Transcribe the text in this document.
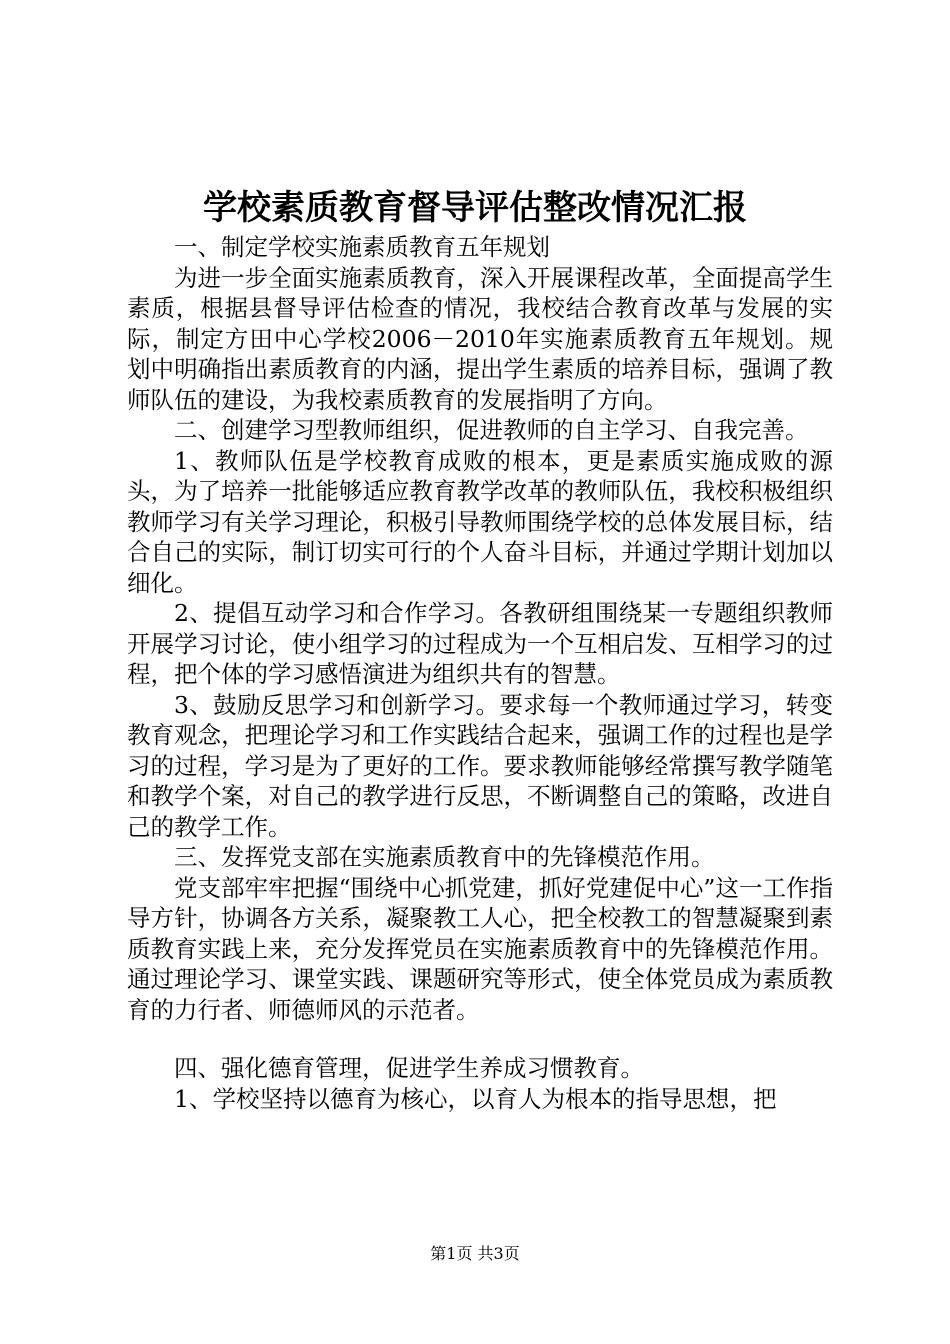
学校素质教育督导评估整改情况汇报

一、制定学校实施素质教育五年规划

为进一步全面实施素质教育，深入开展课程改革，全面提高学生素质，根据县督导评估检查的情况，我校结合教育改革与发展的实际，制定方田中心学校2006－2010年实施素质教育五年规划。规划中明确指出素质教育的内涵，提出学生素质的培养目标，强调了教师队伍的建设，为我校素质教育的发展指明了方向。

二、创建学习型教师组织，促进教师的自主学习、自我完善。

1、教师队伍是学校教育成败的根本，更是素质实施成败的源头，为了培养一批能够适应教育教学改革的教师队伍，我校积极组织教师学习有关学习理论，积极引导教师围绕学校的总体发展目标，结合自己的实际，制订切实可行的个人奋斗目标，并通过学期计划加以细化。

2、提倡互动学习和合作学习。各教研组围绕某一专题组织教师开展学习讨论，使小组学习的过程成为一个互相启发、互相学习的过程，把个体的学习感悟演进为组织共有的智慧。

3、鼓励反思学习和创新学习。要求每一个教师通过学习，转变教育观念，把理论学习和工作实践结合起来，强调工作的过程也是学习的过程，学习是为了更好的工作。要求教师能够经常撰写教学随笔和教学个案，对自己的教学进行反思，不断调整自己的策略，改进自己的教学工作。

三、发挥党支部在实施素质教育中的先锋模范作用。

党支部牢牢把握“围绕中心抓党建，抓好党建促中心”这一工作指导方针，协调各方关系，凝聚教工人心，把全校教工的智慧凝聚到素质教育实践上来，充分发挥党员在实施素质教育中的先锋模范作用。通过理论学习、课堂实践、课题研究等形式，使全体党员成为素质教育的力行者、师德师风的示范者。

四、强化德育管理，促进学生养成习惯教育。

1、学校坚持以德育为核心，以育人为根本的指导思想，把

第1页 共3页
